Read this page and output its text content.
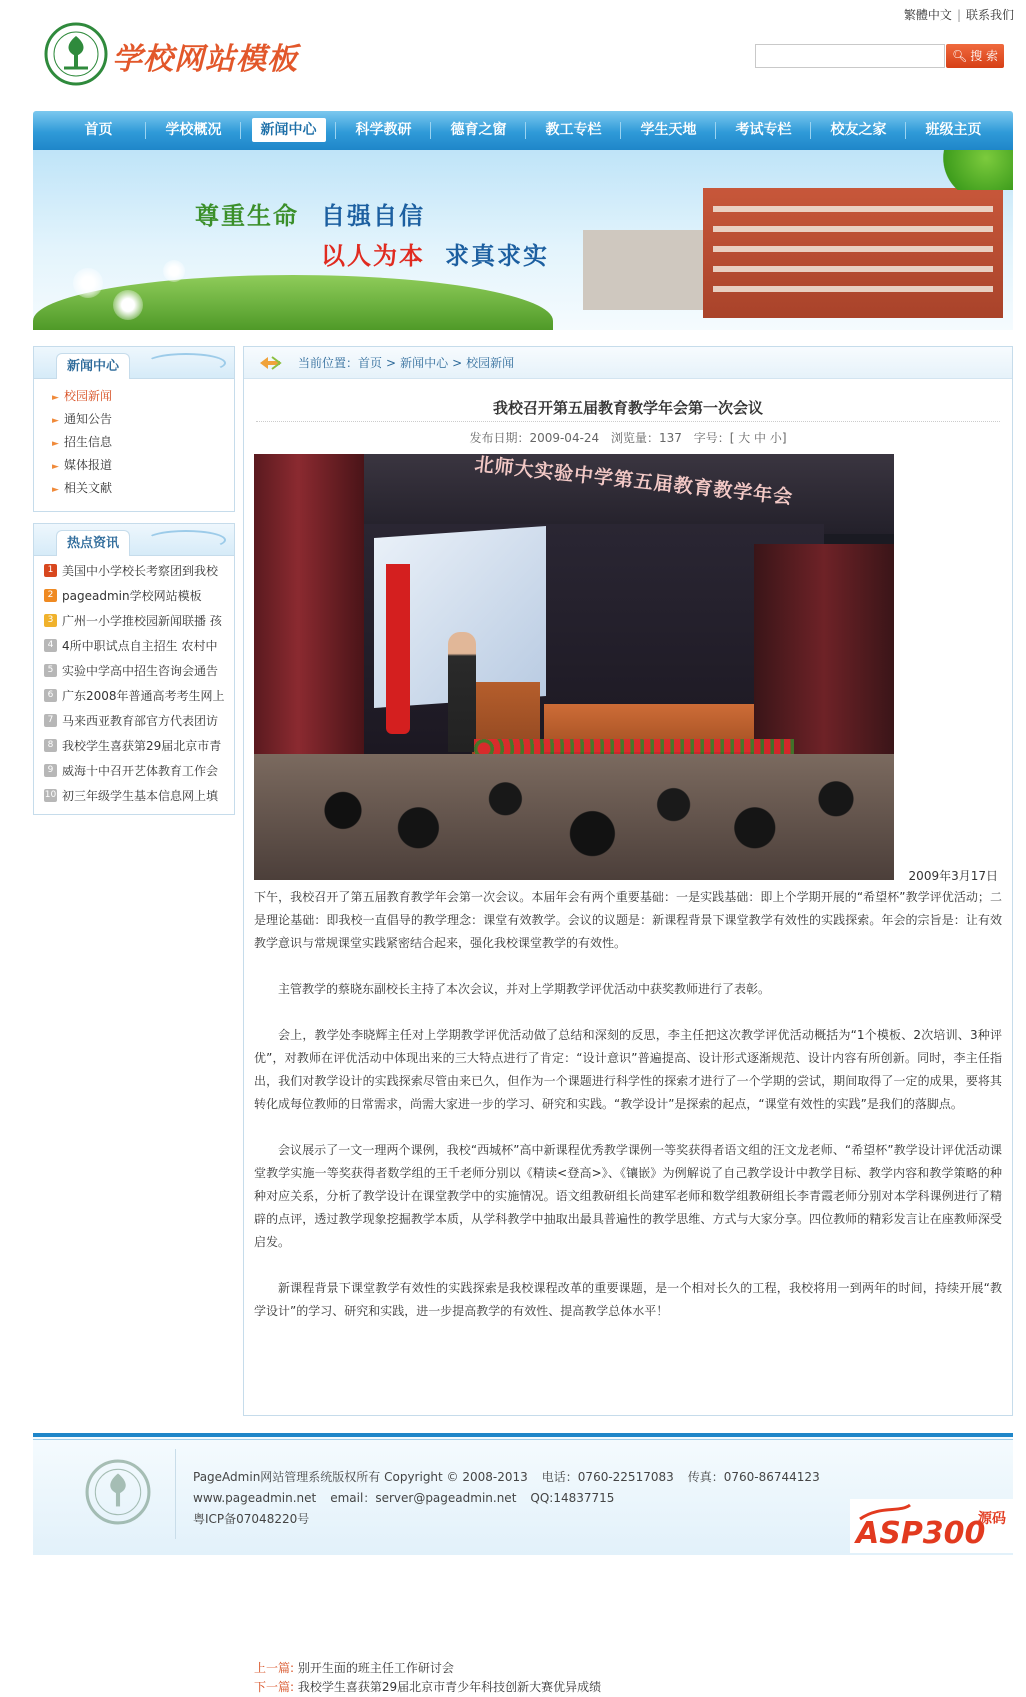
繁體中文 | 联系我们
学校网站模板	🔍︎ 搜 索
首页	学校概况	新闻中心	科学教研	德育之窗	教工专栏	学生天地	考试专栏	校友之家	班级主页
尊重生命 自强自信
以人为本 求真求实
新闻中心
► 校园新闻
► 通知公告
► 招生信息
► 媒体报道
► 相关文献
热点资讯
1 美国中小学校长考察团到我校
2 pageadmin学校网站模板
3 广州一小学推校园新闻联播 孩
4 4所中职试点自主招生 农村中
5 实验中学高中招生咨询会通告
6 广东2008年普通高考考生网上
7 马来西亚教育部官方代表团访
8 我校学生喜获第29届北京市青
9 威海十中召开艺体教育工作会
10 初三年级学生基本信息网上填
当前位置：首页 > 新闻中心 > 校园新闻
我校召开第五届教育教学年会第一次会议
发布日期：2009-04-24 浏览量：137 字号：[ 大 中 小]
北师大实验中学第五届教育教学年会
2009年3月17日

下午，我校召开了第五届教育教学年会第一次会议。本届年会有两个重要基础：一是实践基础：即上个学期开展的“希望杯”教学评优活动；二是理论基础：即我校一直倡导的教学理念：课堂有效教学。会议的议题是：新课程背景下课堂教学有效性的实践探索。年会的宗旨是：让有效教学意识与常规课堂实践紧密结合起来，强化我校课堂教学的有效性。

主管教学的蔡晓东副校长主持了本次会议，并对上学期教学评优活动中获奖教师进行了表彰。

会上，教学处李晓辉主任对上学期教学评优活动做了总结和深刻的反思，李主任把这次教学评优活动概括为“1个模板、2次培训、3种评优”，对教师在评优活动中体现出来的三大特点进行了肯定：“设计意识”普遍提高、设计形式逐渐规范、设计内容有所创新。同时，李主任指出，我们对教学设计的实践探索尽管由来已久，但作为一个课题进行科学性的探索才进行了一个学期的尝试，期间取得了一定的成果，要将其转化成每位教师的日常需求，尚需大家进一步的学习、研究和实践。“教学设计”是探索的起点，“课堂有效性的实践”是我们的落脚点。

会议展示了一文一理两个课例，我校“西城杯”高中新课程优秀教学课例一等奖获得者语文组的汪文龙老师、“希望杯”教学设计评优活动课堂教学实施一等奖获得者数学组的王千老师分别以《精读<登高>》、《镶嵌》为例解说了自己教学设计中教学目标、教学内容和教学策略的种种对应关系，分析了教学设计在课堂教学中的实施情况。语文组教研组长尚建军老师和数学组教研组长李青霞老师分别对本学科课例进行了精辟的点评，透过教学现象挖掘教学本质，从学科教学中抽取出最具普遍性的教学思维、方式与大家分享。四位教师的精彩发言让在座教师深受启发。

新课程背景下课堂教学有效性的实践探索是我校课程改革的重要课题，是一个相对长久的工程，我校将用一到两年的时间，持续开展“教学设计”的学习、研究和实践，进一步提高教学的有效性、提高教学总体水平！

上一篇: 别开生面的班主任工作研讨会
下一篇: 我校学生喜获第29届北京市青少年科技创新大赛优异成绩
PageAdmin网站管理系统版权所有 Copyright © 2008-2013 电话：0760-22517083 传真：0760-86744123
www.pageadmin.net email：server@pageadmin.net QQ:14837715
粤ICP备07048220号	ASP300
源码
